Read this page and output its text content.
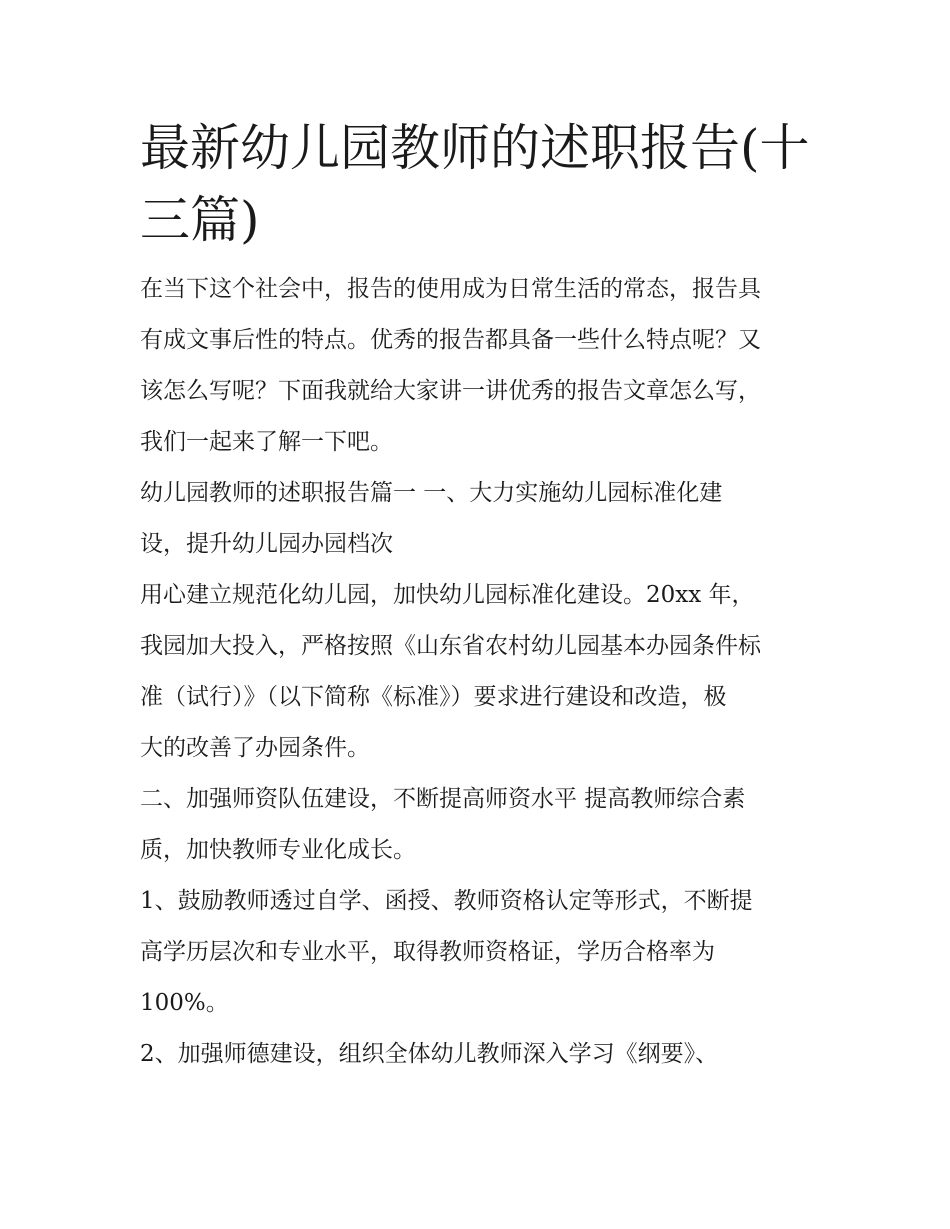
最新幼儿园教师的述职报告(十
三篇)
在当下这个社会中，报告的使用成为日常生活的常态，报告具
有成文事后性的特点。优秀的报告都具备一些什么特点呢？又
该怎么写呢？下面我就给大家讲一讲优秀的报告文章怎么写，
我们一起来了解一下吧。
幼儿园教师的述职报告篇一 一、大力实施幼儿园标准化建
设，提升幼儿园办园档次
用心建立规范化幼儿园，加快幼儿园标准化建设。20xx 年，
我园加大投入，严格按照《山东省农村幼儿园基本办园条件标
准（试行）》（以下简称《标准》）要求进行建设和改造，极
大的改善了办园条件。
二、加强师资队伍建设，不断提高师资水平 提高教师综合素
质，加快教师专业化成长。
1、鼓励教师透过自学、函授、教师资格认定等形式，不断提
高学历层次和专业水平，取得教师资格证，学历合格率为
100%。
2、加强师德建设，组织全体幼儿教师深入学习《纲要》、
